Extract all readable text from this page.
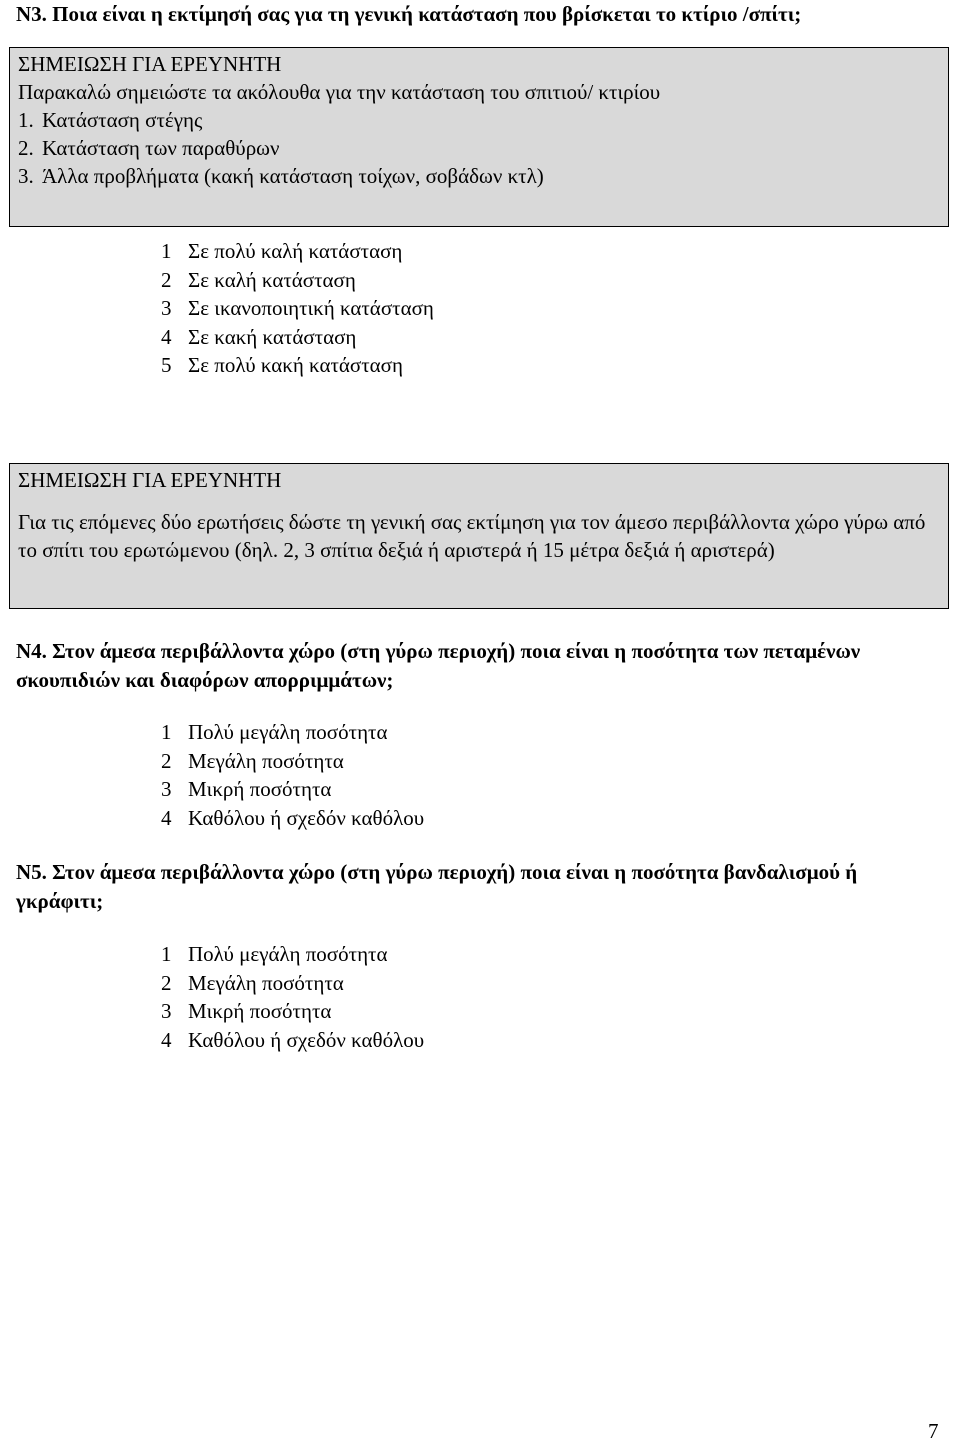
Ν3. Ποια είναι η εκτίμησή σας για τη γενική κατάσταση που βρίσκεται το κτίριο /σπίτι;

ΣΗΜΕΙΩΣΗ ΓΙΑ ΕΡΕΥΝΗΤΗ

Παρακαλώ σημειώστε τα ακόλουθα για την κατάσταση του σπιτιού/ κτιρίου

1. Κατάσταση στέγης
2. Κατάσταση των παραθύρων
3. Άλλα προβλήματα (κακή κατάσταση τοίχων, σοβάδων κτλ)
1 Σε πολύ καλή κατάσταση
2 Σε καλή κατάσταση
3 Σε ικανοποιητική κατάσταση
4 Σε κακή κατάσταση
5 Σε πολύ κακή κατάσταση

ΣΗΜΕΙΩΣΗ ΓΙΑ ΕΡΕΥΝΗΤΗ

Για τις επόμενες δύο ερωτήσεις δώστε τη γενική σας εκτίμηση για τον άμεσο περιβάλλοντα χώρο γύρω από το σπίτι του ερωτώμενου (δηλ. 2, 3 σπίτια δεξιά ή αριστερά ή 15 μέτρα δεξιά ή αριστερά)

Ν4. Στον άμεσα περιβάλλοντα χώρο (στη γύρω περιοχή) ποια είναι η ποσότητα των πεταμένων σκουπιδιών και διαφόρων απορριμμάτων;
1 Πολύ μεγάλη ποσότητα
2 Μεγάλη ποσότητα
3 Μικρή ποσότητα
4 Καθόλου ή σχεδόν καθόλου
Ν5. Στον άμεσα περιβάλλοντα χώρο (στη γύρω περιοχή) ποια είναι η ποσότητα βανδαλισμού ή γκράφιτι;
1 Πολύ μεγάλη ποσότητα
2 Μεγάλη ποσότητα
3 Μικρή ποσότητα
4 Καθόλου ή σχεδόν καθόλου
7
